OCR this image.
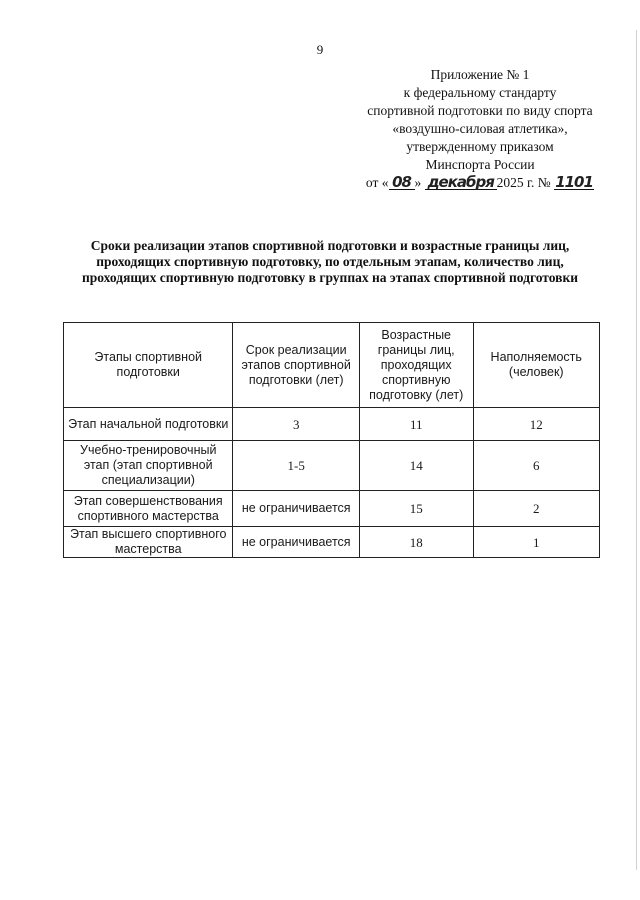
9
Приложение № 1
к федеральному стандарту
спортивной подготовки по виду спорта
«воздушно-силовая атлетика»,
утвержденному приказом
Минспорта России
от « 08 » декабря 2025 г. № 1101
Сроки реализации этапов спортивной подготовки и возрастные границы лиц, проходящих спортивную подготовку, по отдельным этапам, количество лиц, проходящих спортивную подготовку в группах на этапах спортивной подготовки
Этапы спортивной подготовки	Срок реализации этапов спортивной подготовки (лет)	Возрастные границы лиц, проходящих спортивную подготовку (лет)	Наполняемость (человек)
Этап начальной подготовки	3	11	12
Учебно-тренировочный этап (этап спортивной специализации)	1-5	14	6
Этап совершенствования спортивного мастерства	не ограничивается	15	2
Этап высшего спортивного мастерства	не ограничивается	18	1
